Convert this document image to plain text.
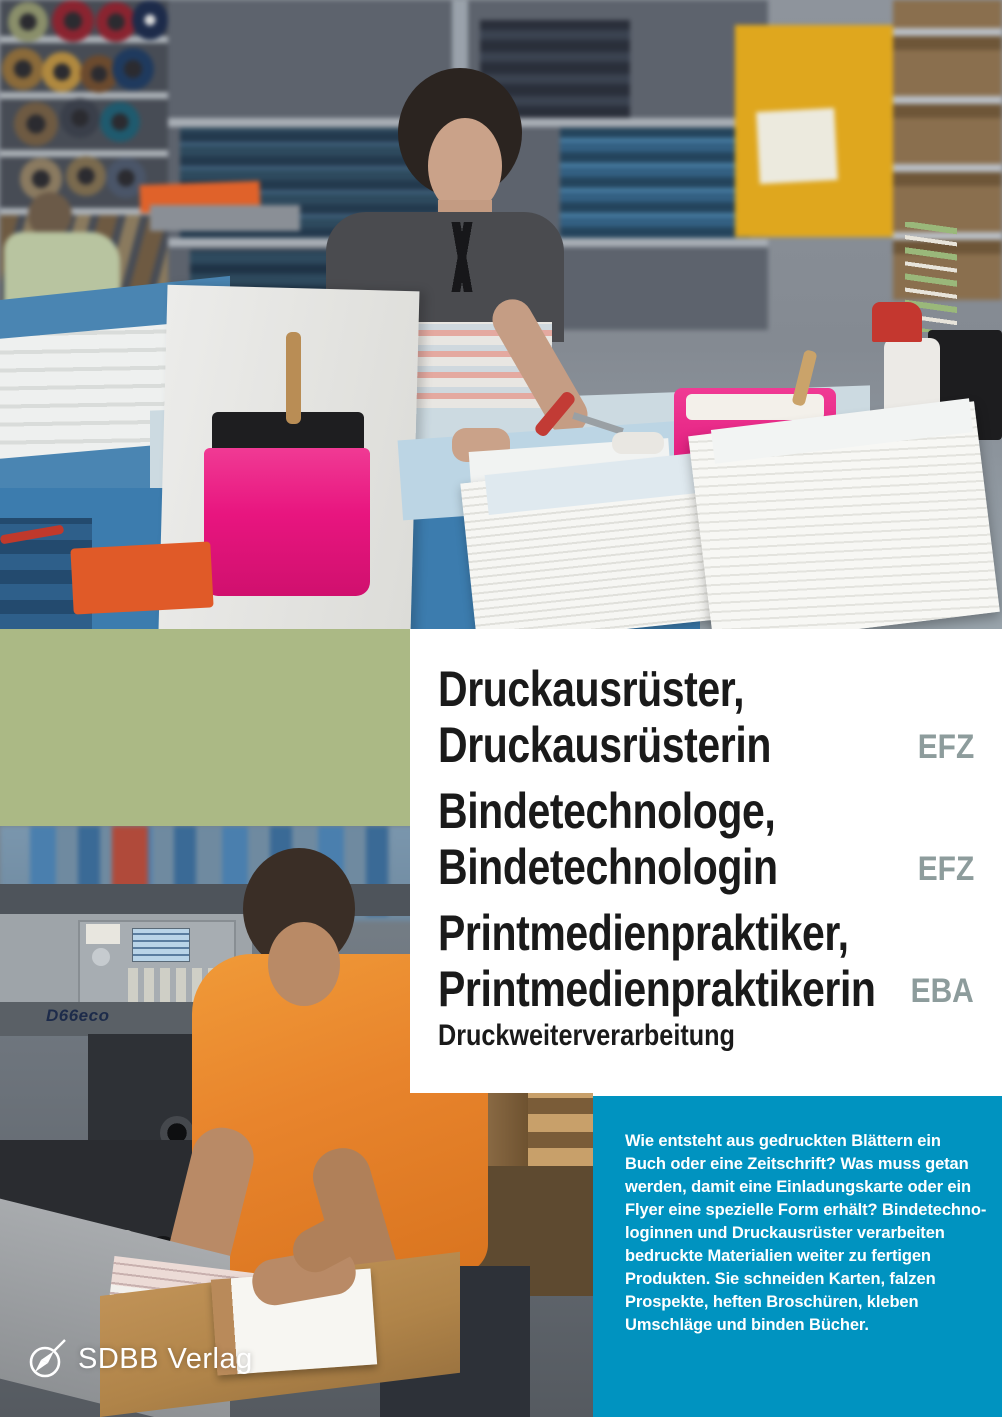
D66eco
Druckausrüster,
Druckausrüsterin	EFZ
Bindetechnologe,
Bindetechnologin	EFZ
Printmedienpraktiker,
Printmedienpraktikerin EBA
Druckweiterverarbeitung
Wie entsteht aus gedruckten Blättern ein
Buch oder eine Zeitschrift? Was muss getan
werden, damit eine Einladungskarte oder ein
Flyer eine spezielle Form erhält? Bindetechno-
loginnen und Druckausrüster verarbeiten
bedruckte Materialien weiter zu fertigen
Produkten. Sie schneiden Karten, falzen
Prospekte, heften Broschüren, kleben
Umschläge und binden Bücher.
SDBB Verlag
